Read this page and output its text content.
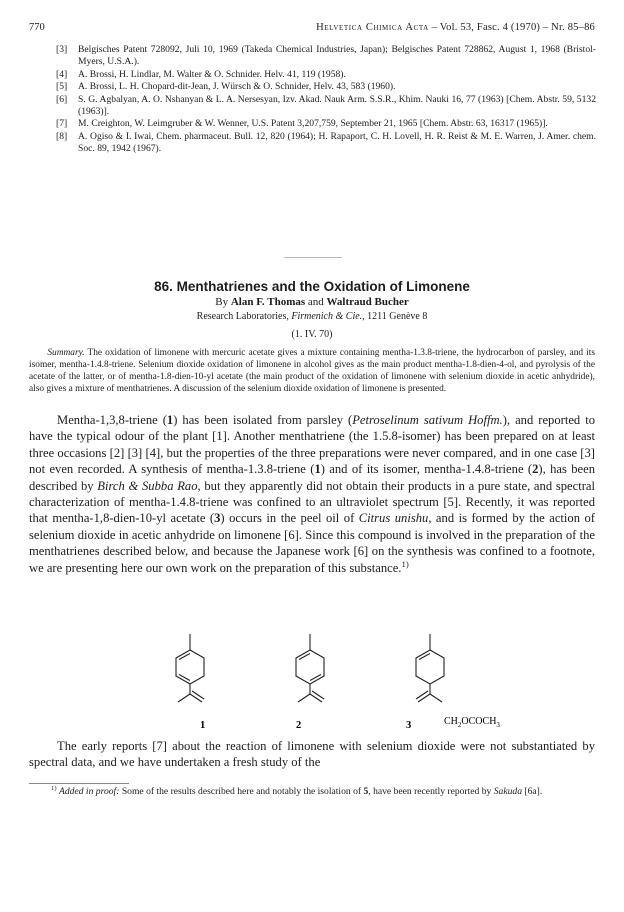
770	Helvetica Chimica Acta – Vol. 53, Fasc. 4 (1970) – Nr. 85–86
[3] Belgisches Patent 728092, Juli 10, 1969 (Takeda Chemical Industries, Japan); Belgisches Patent 728862, August 1, 1968 (Bristol-Myers, U.S.A.).
[4] A. Brossi, H. Lindlar, M. Walter & O. Schnider. Helv. 41, 119 (1958).
[5] A. Brossi, L. H. Chopard-dit-Jean, J. Würsch & O. Schnider, Helv. 43, 583 (1960).
[6] S. G. Agbalyan, A. O. Nshanyan & L. A. Nersesyan, Izv. Akad. Nauk Arm. S.S.R., Khim. Nauki 16, 77 (1963) [Chem. Abstr. 59, 5132 (1963)].
[7] M. Creighton, W. Leimgruber & W. Wenner, U.S. Patent 3,207,759, September 21, 1965 [Chem. Abstr. 63, 16317 (1965)].
[8] A. Ogiso & I. Iwai, Chem. pharmaceut. Bull. 12, 820 (1964); H. Rapaport, C. H. Lovell, H. R. Reist & M. E. Warren, J. Amer. chem. Soc. 89, 1942 (1967).
86. Menthatrienes and the Oxidation of Limonene
By Alan F. Thomas and Waltraud Bucher
Research Laboratories, Firmenich & Cie., 1211 Genève 8
(1. IV. 70)
Summary. The oxidation of limonene with mercuric acetate gives a mixture containing mentha-1.3.8-triene, the hydrocarbon of parsley, and its isomer, mentha-1.4.8-triene. Selenium dioxide oxidation of limonene in alcohol gives as the main product mentha-1.8-dien-4-ol, and pyrolysis of the acetate of the latter, or of mentha-1.8-dien-10-yl acetate (the main product of the oxidation of limonene with selenium dioxide in acetic anhydride), also gives a mixture of menthatrienes. A discussion of the selenium dioxide oxidation of limonene is presented.

Mentha-1,3,8-triene (1) has been isolated from parsley (Petroselinum sativum Hoffm.), and reported to have the typical odour of the plant [1]. Another menthatriene (the 1.5.8-isomer) has been prepared on at least three occasions [2] [3] [4], but the properties of the three preparations were never compared, and in one case [3] not even recorded. A synthesis of mentha-1.3.8-triene (1) and of its isomer, mentha-1.4.8-triene (2), has been described by Birch & Subba Rao, but they apparently did not obtain their products in a pure state, and spectral characterization of mentha-1.4.8-triene was confined to an ultraviolet spectrum [5]. Recently, it was reported that mentha-1,8-dien-10-yl acetate (3) occurs in the peel oil of Citrus unishu, and is formed by the action of selenium dioxide in acetic anhydride on limonene [6]. Since this compound is involved in the preparation of the menthatrienes described below, and because the Japanese work [6] on the synthesis was confined to a footnote, we are presenting here our own work on the preparation of this substance.$^{1)}$

1	2	3	$CH_2OCOCH_3$

The early reports [7] about the reaction of limonene with selenium dioxide were not substantiated by spectral data, and we have undertaken a fresh study of the

$^{1)}$ Added in proof: Some of the results described here and notably the isolation of 5, have been recently reported by Sakuda [6a].
